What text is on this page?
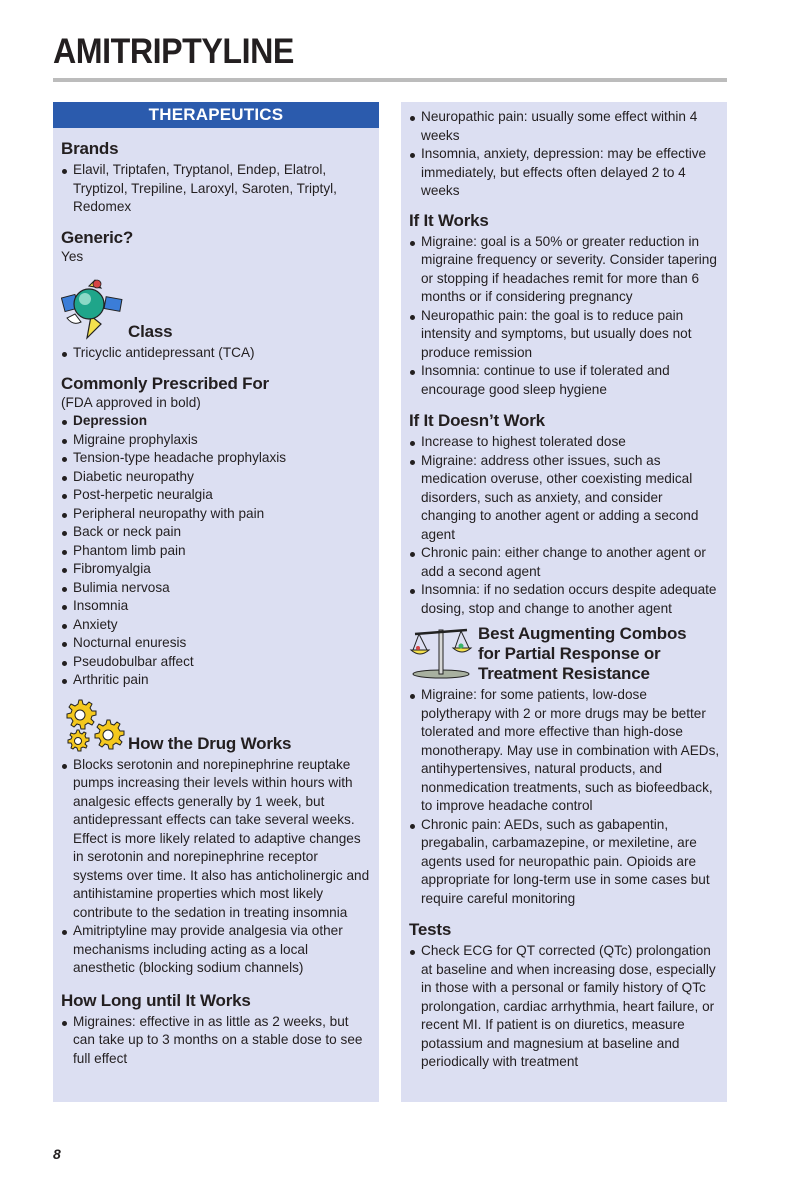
AMITRIPTYLINE
THERAPEUTICS
Brands
Elavil, Triptafen, Tryptanol, Endep, Elatrol, Tryptizol, Trepiline, Laroxyl, Saroten, Triptyl, Redomex
Generic?
Yes
Class
Tricyclic antidepressant (TCA)
Commonly Prescribed For
(FDA approved in bold)
Depression
Migraine prophylaxis
Tension-type headache prophylaxis
Diabetic neuropathy
Post-herpetic neuralgia
Peripheral neuropathy with pain
Back or neck pain
Phantom limb pain
Fibromyalgia
Bulimia nervosa
Insomnia
Anxiety
Nocturnal enuresis
Pseudobulbar affect
Arthritic pain
How the Drug Works
Blocks serotonin and norepinephrine reuptake pumps increasing their levels within hours with analgesic effects generally by 1 week, but antidepressant effects can take several weeks. Effect is more likely related to adaptive changes in serotonin and norepinephrine receptor systems over time. It also has anticholinergic and antihistamine properties which most likely contribute to the sedation in treating insomnia
Amitriptyline may provide analgesia via other mechanisms including acting as a local anesthetic (blocking sodium channels)
How Long until It Works
Migraines: effective in as little as 2 weeks, but can take up to 3 months on a stable dose to see full effect
Neuropathic pain: usually some effect within 4 weeks
Insomnia, anxiety, depression: may be effective immediately, but effects often delayed 2 to 4 weeks
If It Works
Migraine: goal is a 50% or greater reduction in migraine frequency or severity. Consider tapering or stopping if headaches remit for more than 6 months or if considering pregnancy
Neuropathic pain: the goal is to reduce pain intensity and symptoms, but usually does not produce remission
Insomnia: continue to use if tolerated and encourage good sleep hygiene
If It Doesn’t Work
Increase to highest tolerated dose
Migraine: address other issues, such as medication overuse, other coexisting medical disorders, such as anxiety, and consider changing to another agent or adding a second agent
Chronic pain: either change to another agent or add a second agent
Insomnia: if no sedation occurs despite adequate dosing, stop and change to another agent
Best Augmenting Combos
for Partial Response or
Treatment Resistance
Migraine: for some patients, low-dose polytherapy with 2 or more drugs may be better tolerated and more effective than high-dose monotherapy. May use in combination with AEDs, antihypertensives, natural products, and nonmedication treatments, such as biofeedback, to improve headache control
Chronic pain: AEDs, such as gabapentin, pregabalin, carbamazepine, or mexiletine, are agents used for neuropathic pain. Opioids are appropriate for long-term use in some cases but require careful monitoring
Tests
Check ECG for QT corrected (QTc) prolongation at baseline and when increasing dose, especially in those with a personal or family history of QTc prolongation, cardiac arrhythmia, heart failure, or recent MI. If patient is on diuretics, measure potassium and magnesium at baseline and periodically with treatment
8
